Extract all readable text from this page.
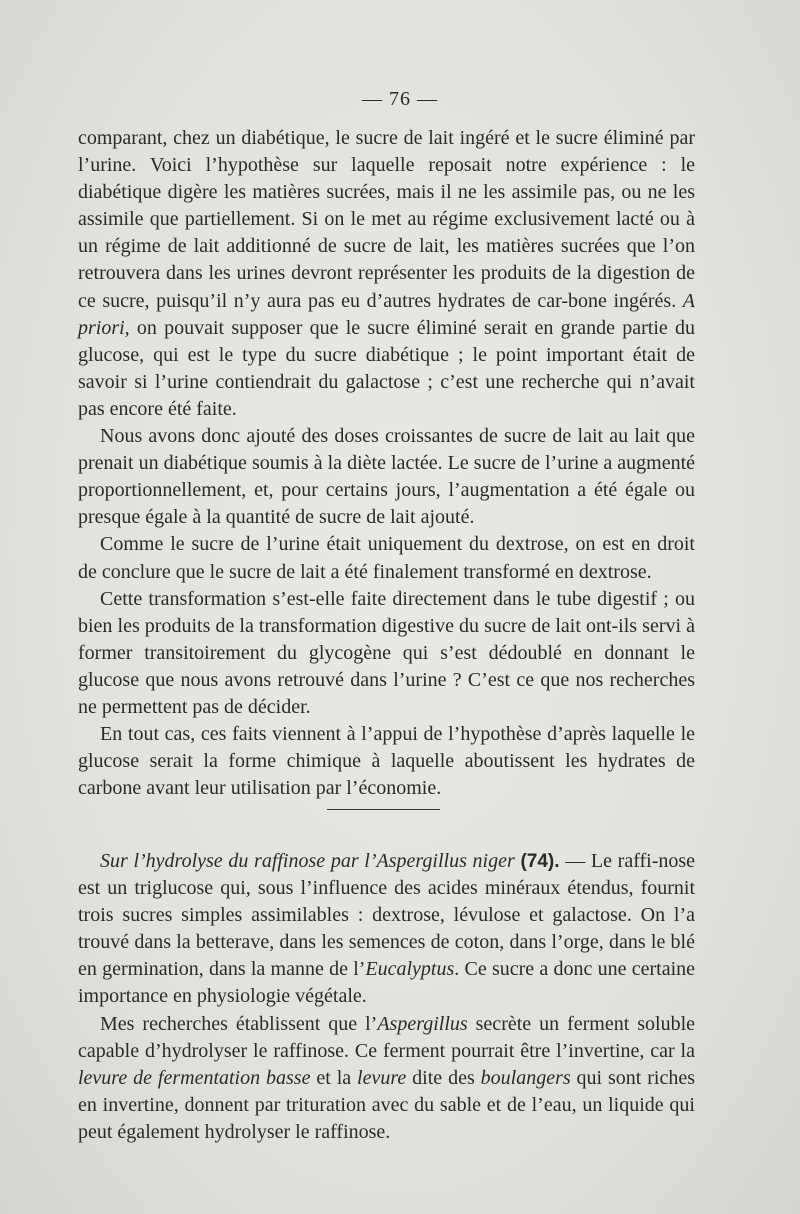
— 76 —

comparant, chez un diabétique, le sucre de lait ingéré et le sucre éliminé par l’urine. Voici l’hypothèse sur laquelle reposait notre expérience : le diabétique digère les matières sucrées, mais il ne les assimile pas, ou ne les assimile que partiellement. Si on le met au régime exclusivement lacté ou à un régime de lait additionné de sucre de lait, les matières sucrées que l’on retrouvera dans les urines devront représenter les produits de la digestion de ce sucre, puisqu’il n’y aura pas eu d’autres hydrates de car-bone ingérés. A priori, on pouvait supposer que le sucre éliminé serait en grande partie du glucose, qui est le type du sucre diabétique ; le point important était de savoir si l’urine contiendrait du galactose ; c’est une recherche qui n’avait pas encore été faite.

Nous avons donc ajouté des doses croissantes de sucre de lait au lait que prenait un diabétique soumis à la diète lactée. Le sucre de l’urine a augmenté proportionnellement, et, pour certains jours, l’augmentation a été égale ou presque égale à la quantité de sucre de lait ajouté.

Comme le sucre de l’urine était uniquement du dextrose, on est en droit de conclure que le sucre de lait a été finalement transformé en dextrose.

Cette transformation s’est-elle faite directement dans le tube digestif ; ou bien les produits de la transformation digestive du sucre de lait ont-ils servi à former transitoirement du glycogène qui s’est dédoublé en donnant le glucose que nous avons retrouvé dans l’urine ? C’est ce que nos recherches ne permettent pas de décider.

En tout cas, ces faits viennent à l’appui de l’hypothèse d’après laquelle le glucose serait la forme chimique à laquelle aboutissent les hydrates de carbone avant leur utilisation par l’économie.

Sur l’hydrolyse du raffinose par l’Aspergillus niger (74). — Le raffi-nose est un triglucose qui, sous l’influence des acides minéraux étendus, fournit trois sucres simples assimilables : dextrose, lévulose et galactose. On l’a trouvé dans la betterave, dans les semences de coton, dans l’orge, dans le blé en germination, dans la manne de l’Eucalyptus. Ce sucre a donc une certaine importance en physiologie végétale.

Mes recherches établissent que l’Aspergillus secrète un ferment soluble capable d’hydrolyser le raffinose. Ce ferment pourrait être l’invertine, car la levure de fermentation basse et la levure dite des boulangers qui sont riches en invertine, donnent par trituration avec du sable et de l’eau, un liquide qui peut également hydrolyser le raffinose.
